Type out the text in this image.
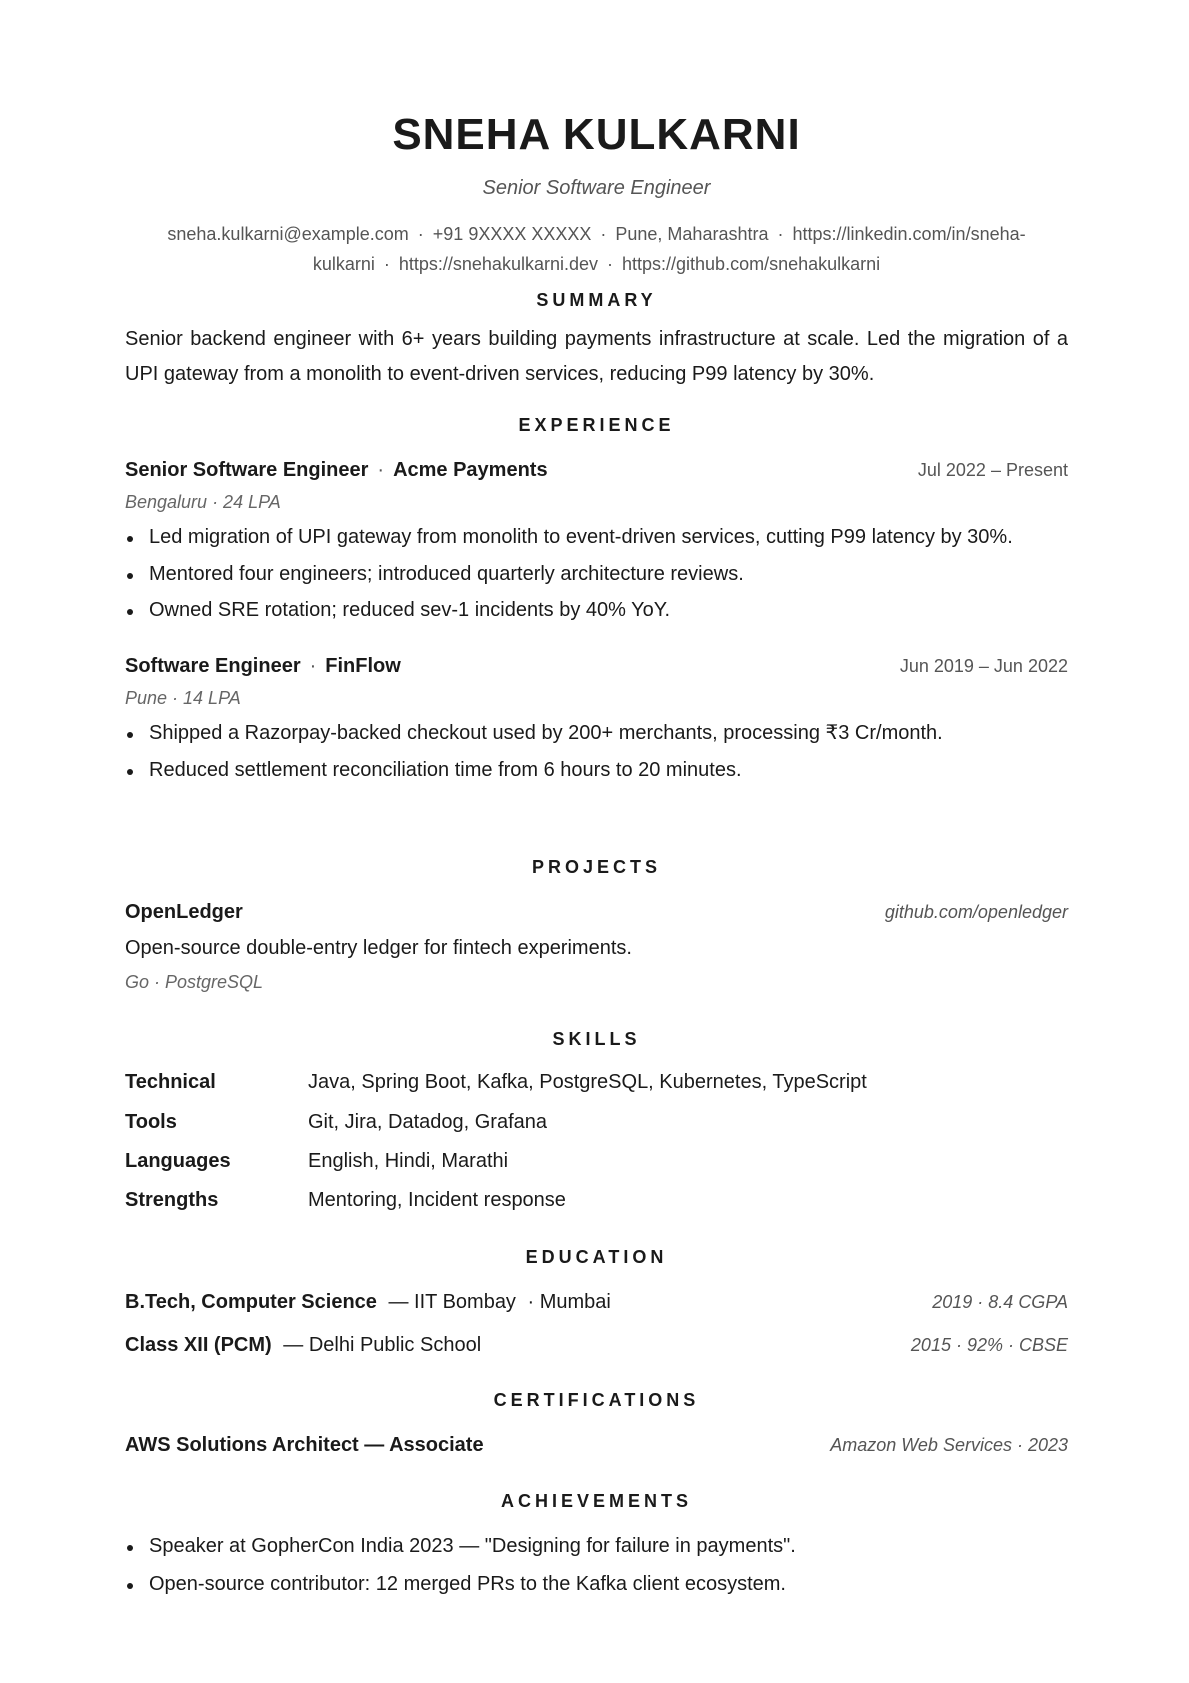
SNEHA KULKARNI
Senior Software Engineer
sneha.kulkarni@example.com · +91 9XXXX XXXXX · Pune, Maharashtra · https://linkedin.com/in/sneha-
kulkarni · https://snehakulkarni.dev · https://github.com/snehakulkarni
SUMMARY

Senior backend engineer with 6+ years building payments infrastructure at scale. Led the migration of a UPI gateway from a monolith to event-driven services, reducing P99 latency by 30%.

EXPERIENCE
Senior Software Engineer · Acme Payments	Jul 2022 – Present
Bengaluru · 24 LPA
Led migration of UPI gateway from monolith to event-driven services, cutting P99 latency by 30%.
Mentored four engineers; introduced quarterly architecture reviews.
Owned SRE rotation; reduced sev-1 incidents by 40% YoY.
Software Engineer · FinFlow	Jun 2019 – Jun 2022
Pune · 14 LPA
Shipped a Razorpay-backed checkout used by 200+ merchants, processing ₹3 Cr/month.
Reduced settlement reconciliation time from 6 hours to 20 minutes.
PROJECTS
OpenLedger	github.com/openledger
Open-source double-entry ledger for fintech experiments.
Go · PostgreSQL
SKILLS
Technical	Java, Spring Boot, Kafka, PostgreSQL, Kubernetes, TypeScript
Tools	Git, Jira, Datadog, Grafana
Languages	English, Hindi, Marathi
Strengths	Mentoring, Incident response
EDUCATION
B.Tech, Computer Science — IIT Bombay · Mumbai	2019 · 8.4 CGPA
Class XII (PCM) — Delhi Public School	2015 · 92% · CBSE
CERTIFICATIONS
AWS Solutions Architect — Associate	Amazon Web Services · 2023
ACHIEVEMENTS
Speaker at GopherCon India 2023 — "Designing for failure in payments".
Open-source contributor: 12 merged PRs to the Kafka client ecosystem.
